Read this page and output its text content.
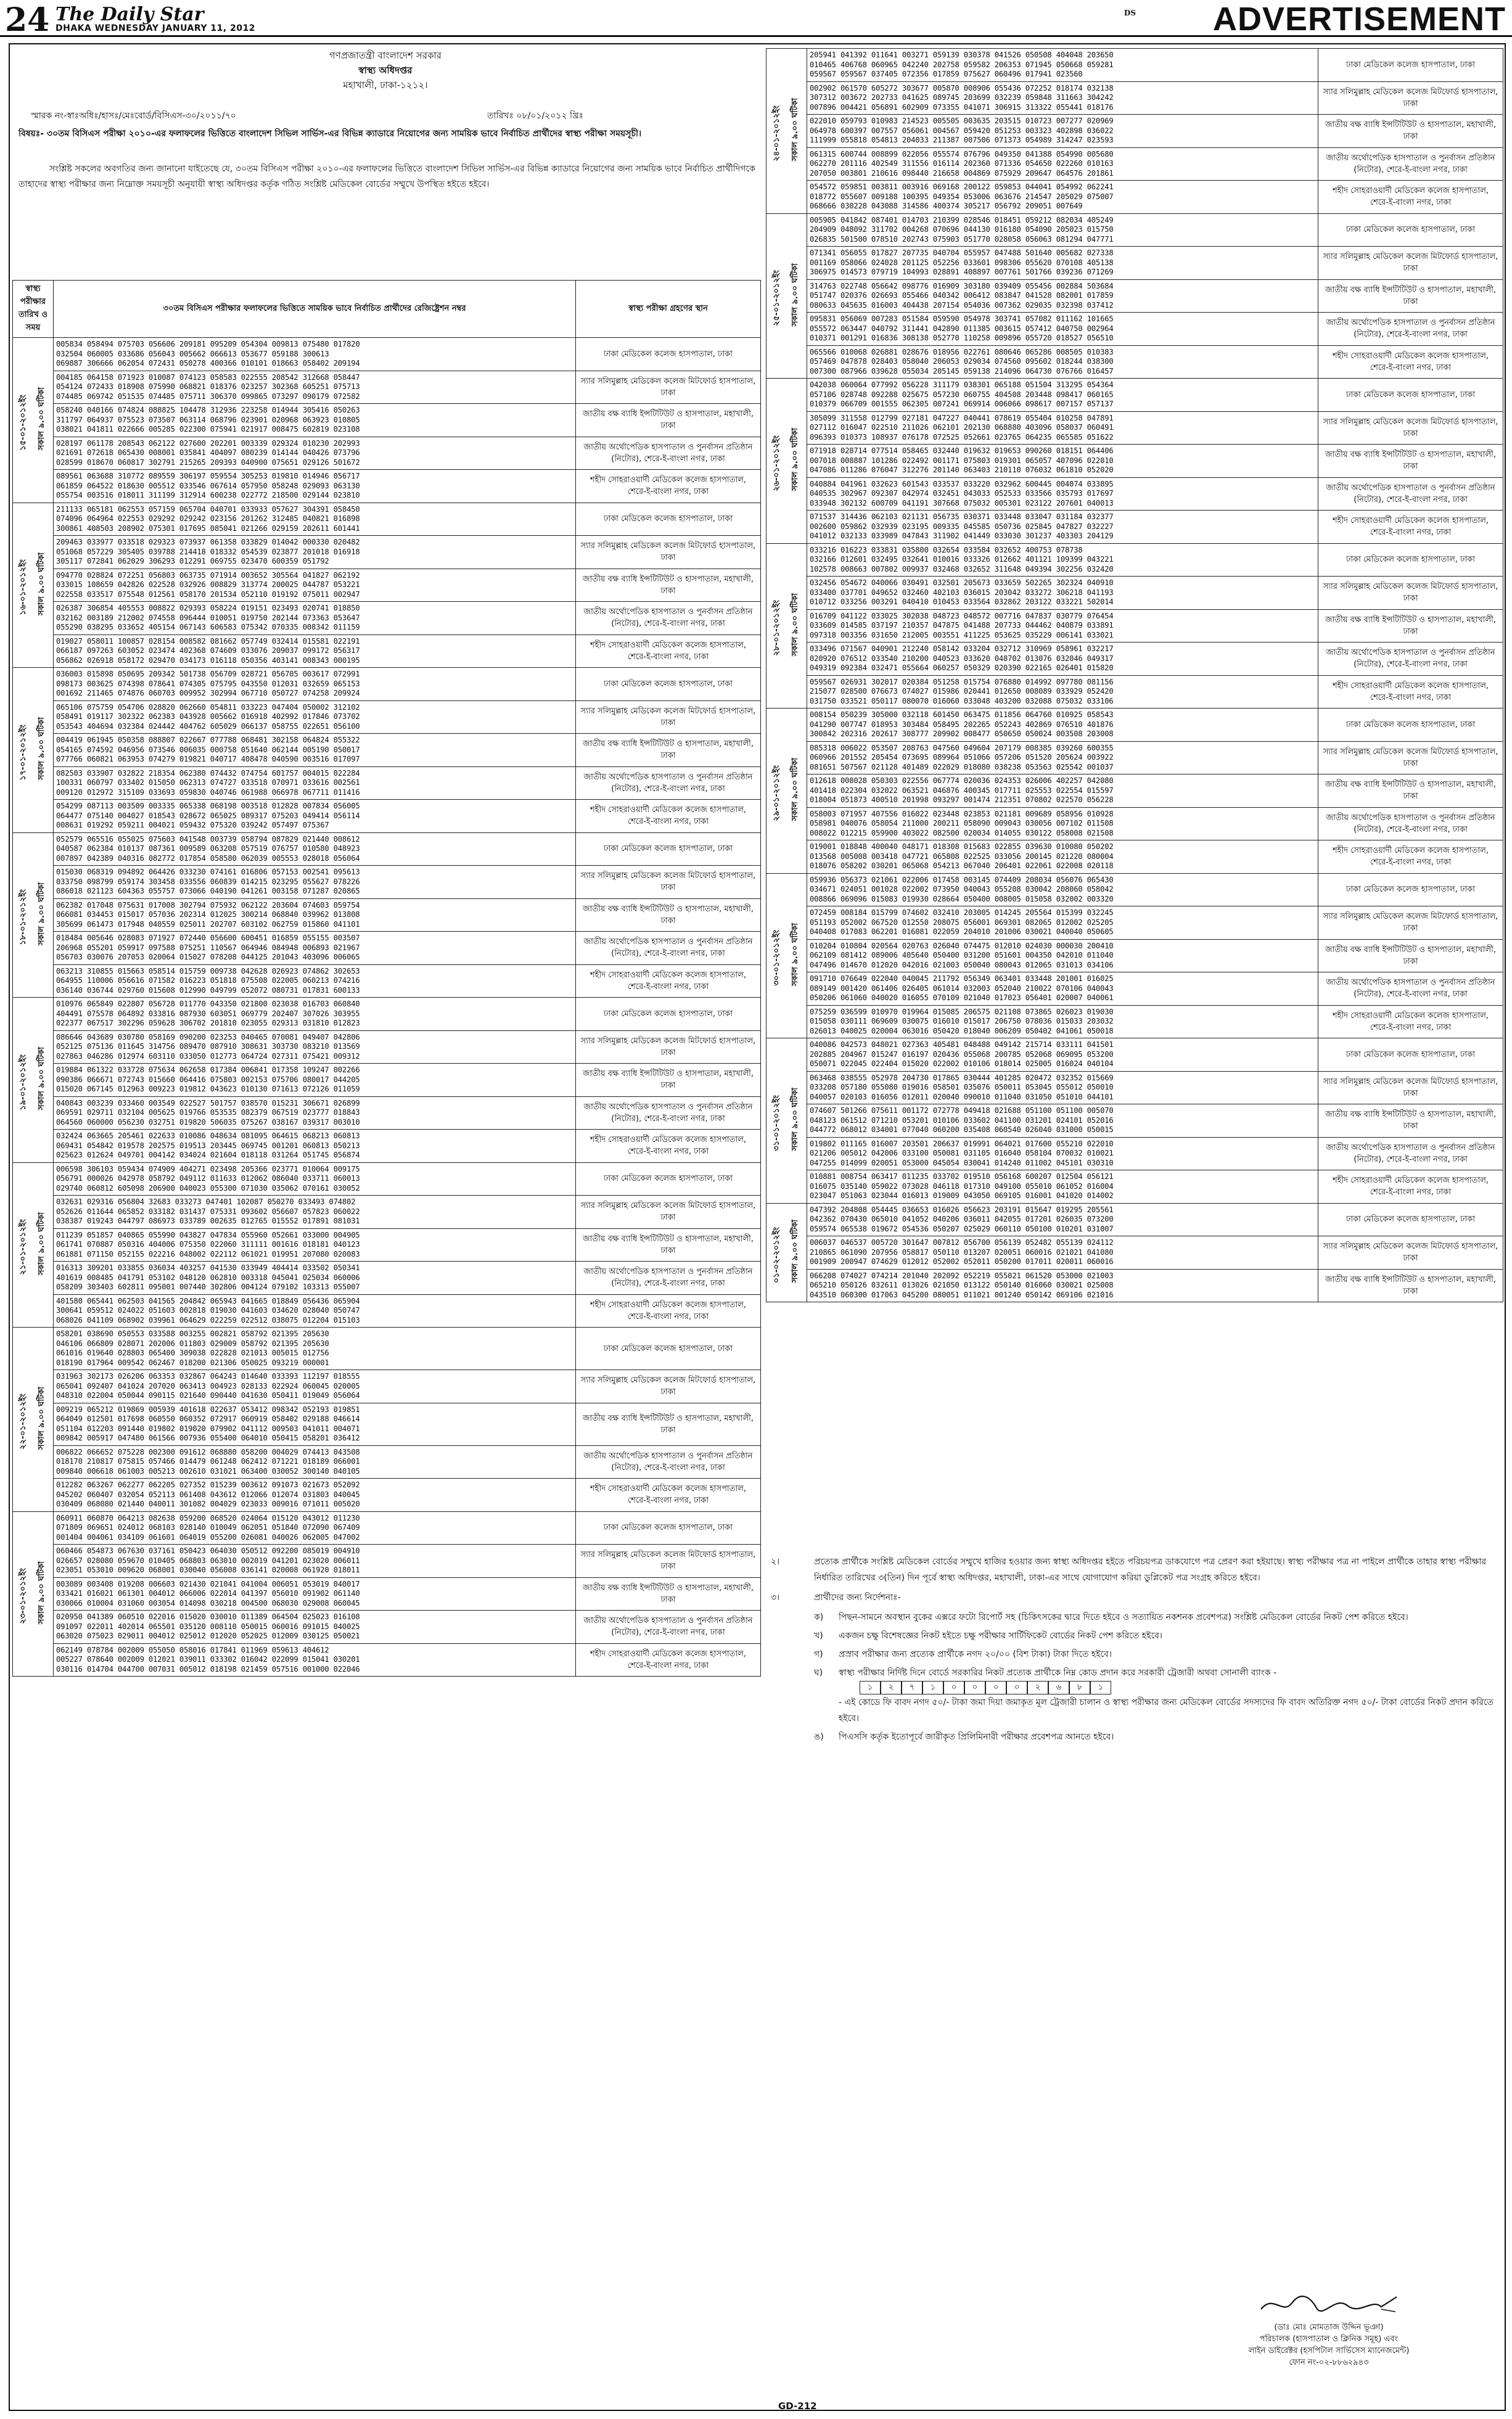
24 The Daily Star
DHAKA WEDNESDAY JANUARY 11, 2012
DS ADVERTISEMENT
গণপ্রজাতন্ত্রী বাংলাদেশ সরকার
স্বাস্থ্য অধিদপ্তর
মহাখালী, ঢাকা-১২১২।
স্মারক নং-স্বাঃঅধিঃ/হাসঃ/মেঃবোর্ড/বিসিএস-৩০/২০১১/৭০	তারিখঃ ০৮/০১/২০১২ খ্রিঃ
বিষয়ঃ- ৩০তম বিসিএস পরীক্ষা ২০১০-এর ফলাফলের ভিত্তিতে বাংলাদেশ সিভিল সার্ভিস-এর বিভিন্ন ক্যাডারে নিয়োগের জন্য সাময়িক ভাবে নির্বাচিত প্রার্থীদের স্বাস্থ্য পরীক্ষা সময়সূচী।
সংশ্লিষ্ট সকলের অবগতির জন্য জানানো যাইতেছে যে, ৩০তম বিসিএস পরীক্ষা ২০১০-এর ফলাফলের ভিত্তিতে বাংলাদেশ সিভিল সার্ভিস-এর বিভিন্ন ক্যাডারে নিয়োগের জন্য সাময়িক ভাবে নির্বাচিত প্রার্থীদিগকে তাহাদের স্বাস্থ্য পরীক্ষার জন্য নিম্নোক্ত সময়সূচী অনুযায়ী স্বাস্থ্য অধিদপ্তর কর্তৃক গঠিত সংশ্লিষ্ট মেডিকেল বোর্ডের সম্মুখে উপস্থিত হইতে হইবে।
স্বাস্থ্য পরীক্ষার তারিখ ও সময়	৩০তম বিসিএস পরীক্ষার ফলাফলের ভিত্তিতে সাময়িক ভাবে নির্বাচিত প্রার্থীদের রেজিষ্ট্রেশন নম্বর	স্বাস্থ্য পরীক্ষা গ্রহণের স্থান
১৫-০১-২০১২ইং সকাল ৯.০০ ঘটিকা	005834 058494 075703 056606 209181 095209 054304 009813 075480 017820
032504 060005 033686 056043 005662 066613 053677 059188 300613
069887 306666 062054 072431 050278 400366 010101 018663 058402 209194	ঢাকা মেডিকেল কলেজ হাসপাতাল, ঢাকা
	004185 064158 071923 010087 074123 058583 022555 208542 312668 058447
054124 072433 018908 075990 068821 018376 023257 302368 605251 075713
074485 069742 051535 074485 075711 306370 099865 073297 090179 072582	স্যার সলিমুল্লাহ মেডিকেল কলেজ মিটফোর্ড হাসপাতাল, ঢাকা
	058240 040166 074824 088825 104478 312936 223258 014944 305416 050263
311797 064937 075523 073507 063114 068796 023901 020968 063923 010805
038021 041811 022666 005285 022300 075941 021917 008475 602819 023108	জাতীয় বক্ষ ব্যাধি ইন্সটিটিউট ও হাসপাতাল, মহাখালী, ঢাকা
	028197 061178 208543 062122 027600 202201 003339 029324 010230 202993
021691 072618 065430 008001 035841 404097 080239 014144 040426 073796
028599 018670 060817 302791 215265 209393 040900 075651 029126 501672	জাতীয় অর্থোপেডিক হাসপাতাল ও পুনর্বাসন প্রতিষ্ঠান (নিটোর), শেরে-ই-বাংলা নগর, ঢাকা
	089561 063688 310772 089559 306197 059554 305253 019810 014946 056717
061859 064522 018630 005512 033546 067614 057950 058248 029093 063130
055754 003516 018011 311199 312914 600238 022772 218500 029144 023810	শহীদ সোহরাওয়ার্দী মেডিকেল কলেজ হাসপাতাল, শেরে-ই-বাংলা নগর, ঢাকা
১৬-০১-২০১২ইং সকাল ৯.০০ ঘটিকা	211133 065181 062553 057159 065704 040701 033933 057627 304391 058450
074096 064964 022553 029292 029242 023156 201262 312485 040821 016898
300861 408503 208902 075301 017695 085041 021266 029159 202611 601441	ঢাকা মেডিকেল কলেজ হাসপাতাল, ঢাকা
	209463 033977 033518 029323 073937 061358 033829 014042 000330 020482
051068 057229 305405 039788 214418 018332 054539 023877 201018 016918
305117 072841 062029 306293 012291 069755 023470 600359 051792	স্যার সলিমুল্লাহ মেডিকেল কলেজ মিটফোর্ড হাসপাতাল, ঢাকা
	094770 028824 072251 056803 063735 071914 003652 305564 041827 062192
033015 108659 042826 022528 032926 008829 313774 200025 044787 053221
022558 033517 075548 012561 058170 201534 052110 019192 075011 002947	জাতীয় বক্ষ ব্যাধি ইন্সটিটিউট ও হাসপাতাল, মহাখালী, ঢাকা
	026387 306854 405553 008822 029393 058224 019151 023493 020741 018850
032162 003189 212002 074558 096444 010051 019750 202144 073363 053647
055290 038295 033652 405154 067143 606583 075342 070335 008342 011159	জাতীয় অর্থোপেডিক হাসপাতাল ও পুনর্বাসন প্রতিষ্ঠান (নিটোর), শেরে-ই-বাংলা নগর, ঢাকা
	019027 058011 100857 028154 008582 081662 057749 032414 015581 022191
066187 097263 603052 023474 402368 074609 033076 209037 099172 056317
056862 026918 058172 029470 034173 016118 050356 403141 008343 000195	শহীদ সোহরাওয়ার্দী মেডিকেল কলেজ হাসপাতাল, শেরে-ই-বাংলা নগর, ঢাকা
১৭-০১-২০১২ইং সকাল ৯.০০ ঘটিকা	036003 015898 050695 209342 501738 056709 028721 056705 003617 072991
098173 003625 074398 078641 074305 075795 043550 012031 032659 065153
001692 211465 074876 060703 009952 302994 067710 050727 074258 209924	ঢাকা মেডিকেল কলেজ হাসপাতাল, ঢাকা
	065106 075759 054706 028820 062660 054811 033223 047404 050002 312102
058491 019117 302322 062383 043928 005662 016918 402992 017846 073702
053543 404694 032384 024442 404762 605029 066137 058755 022651 056100	স্যার সলিমুল্লাহ মেডিকেল কলেজ মিটফোর্ড হাসপাতাল, ঢাকা
	004419 061945 050358 088807 022667 077788 068481 302158 064824 055322
054165 074592 046956 073546 006035 000758 051640 062144 005190 050017
077766 060821 063953 074279 019821 040717 408478 040590 003516 017097	জাতীয় বক্ষ ব্যাধি ইন্সটিটিউট ও হাসপাতাল, মহাখালী, ঢাকা
	082503 033907 032822 218354 062380 074432 074754 601757 004015 022284
100331 060797 033402 015050 062313 074727 033518 070971 033616 002561
009120 012972 315109 033693 059830 040746 061988 066978 067711 011416	জাতীয় অর্থোপেডিক হাসপাতাল ও পুনর্বাসন প্রতিষ্ঠান (নিটোর), শেরে-ই-বাংলা নগর, ঢাকা
	054299 087113 003509 003335 065338 068198 003518 012828 007834 056005
064477 075140 004027 018543 028672 065025 089317 075203 049414 056114
008631 019292 059211 004021 059432 075320 039242 057497 075367	শহীদ সোহরাওয়ার্দী মেডিকেল কলেজ হাসপাতাল, শেরে-ই-বাংলা নগর, ঢাকা
১৮-০১-২০১২ইং সকাল ৯.০০ ঘটিকা	052579 065516 055025 075603 041548 003739 058794 087829 021440 008612
040587 062384 010137 087361 009589 063208 057519 076757 010580 048923
007897 042389 040316 082772 017854 058580 062039 005553 028018 056064	ঢাকা মেডিকেল কলেজ হাসপাতাল, ঢাকা
	015030 068319 094892 064426 033230 074161 016806 057153 002541 095613
033750 098799 059174 303458 033556 060839 014215 023295 055627 078226
086018 021123 604363 055757 073066 040190 041261 003158 071287 020865	স্যার সলিমুল্লাহ মেডিকেল কলেজ মিটফোর্ড হাসপাতাল, ঢাকা
	062382 017048 075631 017008 302794 075932 062122 203604 074603 059754
066081 034453 015017 057036 202314 012025 300214 068840 039962 013808
305699 061473 017948 040559 025011 202707 603102 062759 015860 041101	জাতীয় বক্ষ ব্যাধি ইন্সটিটিউট ও হাসপাতাল, মহাখালী, ঢাকা
	018484 005646 028083 071927 072440 056600 600451 016859 055155 003507
206968 055201 059917 097588 075251 110567 064946 084948 006893 021967
056703 030076 207053 020064 015027 078208 044125 201043 403096 006065	জাতীয় অর্থোপেডিক হাসপাতাল ও পুনর্বাসন প্রতিষ্ঠান (নিটোর), শেরে-ই-বাংলা নগর, ঢাকা
	063213 310855 015663 058514 015759 009738 042628 026923 074862 302653
064955 110006 056616 071582 016223 051818 075508 022005 060213 074216
036140 036744 029760 015608 012990 049799 052072 080731 017831 600133	শহীদ সোহরাওয়ার্দী মেডিকেল কলেজ হাসপাতাল, শেরে-ই-বাংলা নগর, ঢাকা
১৯-০১-২০১২ইং সকাল ৯.০০ ঘটিকা	010976 065849 022807 056728 011770 043350 021800 023038 016703 060840
404491 075578 064892 033816 087930 603051 069779 202407 307026 303955
022377 067517 302296 059628 306702 201810 023055 029313 031810 012823	ঢাকা মেডিকেল কলেজ হাসপাতাল, ঢাকা
	086646 043689 030780 058169 090200 023253 040465 070081 049407 042806
052125 075136 011645 314756 089470 087910 308631 303730 083210 013569
027863 046286 012974 603110 033050 012773 064724 027311 075421 009312	স্যার সলিমুল্লাহ মেডিকেল কলেজ মিটফোর্ড হাসপাতাল, ঢাকা
	019884 061322 033728 075634 062658 017384 006841 017358 109247 002266
090386 066671 072743 015660 064416 075803 002153 075706 080017 044205
015020 067145 012963 009223 019812 043623 010130 071613 072126 011059	জাতীয় বক্ষ ব্যাধি ইন্সটিটিউট ও হাসপাতাল, মহাখালী, ঢাকা
	040843 003239 033460 003549 022527 501757 038570 015231 306671 026899
069591 029711 032104 005625 019766 053535 082379 067519 023777 018843
064560 060000 056230 032751 019820 506035 075267 038167 039317 003010	জাতীয় অর্থোপেডিক হাসপাতাল ও পুনর্বাসন প্রতিষ্ঠান (নিটোর), শেরে-ই-বাংলা নগর, ঢাকা
	032424 063665 205461 022633 010086 048634 081095 064615 068213 060813
069431 054842 019578 202575 019513 203445 069745 001201 060813 050213
025623 012624 049701 004142 034024 021604 018118 031264 051745 056874	শহীদ সোহরাওয়ার্দী মেডিকেল কলেজ হাসপাতাল, শেরে-ই-বাংলা নগর, ঢাকা
২১-০১-২০১২ইং সকাল ৯.০০ ঘটিকা	006598 306103 059434 074909 404271 023498 205366 023771 010064 009175
056791 000026 042978 058792 049112 011633 012062 086040 033711 060013
029740 060812 605098 206900 040023 055300 071030 035062 070161 030052	ঢাকা মেডিকেল কলেজ হাসপাতাল, ঢাকা
	032631 029316 056804 32683 033273 047401 102087 050270 033493 074802
052626 011644 065852 033182 031437 075331 093602 056607 057823 060022
038387 019243 044797 086973 033789 002635 012765 015552 017891 081031	স্যার সলিমুল্লাহ মেডিকেল কলেজ মিটফোর্ড হাসপাতাল, ঢাকা
	011239 051857 040865 055990 043827 047834 055960 052661 033000 004905
061741 070887 050316 404006 075350 022060 311111 001616 018181 040123
061881 071150 052155 022216 048002 022112 061021 019951 207080 020083	জাতীয় বক্ষ ব্যাধি ইন্সটিটিউট ও হাসপাতাল, মহাখালী, ঢাকা
	016313 309201 033855 036034 403257 041530 033949 404414 033502 050341
401619 008485 041791 053102 048120 062810 003318 045041 025034 060006
058209 303403 602811 095001 007440 302806 004124 079102 103313 055007	জাতীয় অর্থোপেডিক হাসপাতাল ও পুনর্বাসন প্রতিষ্ঠান (নিটোর), শেরে-ই-বাংলা নগর, ঢাকা
	401580 065441 062503 041565 204842 065943 041665 018849 056436 065904
300641 059512 024022 051603 002818 019030 041603 034620 028040 050747
068026 041109 068902 039961 064629 022259 022512 038075 012204 015103	শহীদ সোহরাওয়ার্দী মেডিকেল কলেজ হাসপাতাল, শেরে-ই-বাংলা নগর, ঢাকা
২২-০১-২০১২ইং সকাল ৯.০০ ঘটিকা	058201 038690 050553 033588 003255 002821 058792 021395 205630
046106 066809 028071 202006 011803 029009 058792 021395 205630
061016 019640 028803 065400 309038 022828 021013 005015 012756
018190 017964 009542 062467 018200 021306 050025 093219 000001	ঢাকা মেডিকেল কলেজ হাসপাতাল, ঢাকা
	031963 302173 026206 063353 032867 064243 014640 033393 112197 018555
065041 092407 041024 207020 063413 004923 028133 022924 060045 020005
048310 022004 050044 090115 021640 090440 041630 050411 019049 056064	স্যার সলিমুল্লাহ মেডিকেল কলেজ মিটফোর্ড হাসপাতাল, ঢাকা
	009219 065212 019869 005939 401618 022637 053412 098342 052193 019851
064049 012501 017698 060550 060352 072917 060919 058402 029188 046614
051104 012203 091440 019802 019020 079902 041112 009503 041011 004071
009842 005917 047480 061566 007936 055400 064010 050415 058201 036412	জাতীয় বক্ষ ব্যাধি ইন্সটিটিউট ও হাসপাতাল, মহাখালী, ঢাকা
	006822 066652 075228 002300 091612 068880 058200 004029 074413 043508
018170 210817 075815 057466 014479 061248 062412 071221 018189 066001
009840 006618 061003 005213 002610 031021 063400 030052 300140 040105	জাতীয় অর্থোপেডিক হাসপাতাল ও পুনর্বাসন প্রতিষ্ঠান (নিটোর), শেরে-ই-বাংলা নগর, ঢাকা
	012282 063267 062277 062205 027352 015239 003612 091073 021673 052092
045202 060407 032054 052113 061408 043612 012066 012074 031803 040045
030409 068080 021440 040011 301082 004029 023033 009016 071011 005020	শহীদ সোহরাওয়ার্দী মেডিকেল কলেজ হাসপাতাল, শেরে-ই-বাংলা নগর, ঢাকা
২৩-০১-২০১২ইং সকাল ৯.০০ ঘটিকা	060911 060870 064213 082638 059200 068520 024064 015120 043012 011230
071809 069651 024012 068103 028140 010049 062051 051840 072090 067409
001404 004061 034109 061601 064019 055200 026081 040026 062005 047002	ঢাকা মেডিকেল কলেজ হাসপাতাল, ঢাকা
	060466 054873 067630 037161 050423 064030 050512 092200 085019 004910
026657 028080 059670 010405 068803 063010 002019 041201 023020 006011
023051 053010 009620 068001 030040 056008 036141 020008 061920 018011	স্যার সলিমুল্লাহ মেডিকেল কলেজ মিটফোর্ড হাসপাতাল, ঢাকা
	003089 003408 019208 006603 021430 021041 041004 006051 053019 040017
033421 016021 061301 004012 066006 022014 041397 056010 091902 061140
030066 010004 031060 003054 014098 030218 004500 068030 029008 060045	জাতীয় বক্ষ ব্যাধি ইন্সটিটিউট ও হাসপাতাল, মহাখালী, ঢাকা
	020950 041389 060510 022016 015020 030010 011389 064504 025023 016108
091097 022011 402014 065501 035120 008110 050015 060016 091015 040025
063020 075023 029011 004012 025012 012020 052025 012009 030125 050021	জাতীয় অর্থোপেডিক হাসপাতাল ও পুনর্বাসন প্রতিষ্ঠান (নিটোর), শেরে-ই-বাংলা নগর, ঢাকা
	062149 078784 002009 055050 058016 017841 011969 059613 404612
005227 078640 002009 012021 039011 033302 016042 022099 015041 030201
030116 014704 044700 007031 005012 018198 021459 057516 001000 022046	শহীদ সোহরাওয়ার্দী মেডিকেল কলেজ হাসপাতাল, শেরে-ই-বাংলা নগর, ঢাকা
২৪-০১-২০১২ইং সকাল ৯.০০ ঘটিকা	205941 041392 011641 003271 059139 030378 041526 050508 404048 203650
010465 406768 060965 042240 202758 059582 206353 071945 050668 059281
059567 059567 037405 072356 017859 075627 060496 017941 023560	ঢাকা মেডিকেল কলেজ হাসপাতাল, ঢাকা
	002902 061570 605272 303677 005870 008906 055436 072252 018174 032138
307312 003672 202733 041625 089745 203699 032239 059848 311663 304242
007896 004421 056891 602909 073355 041071 306915 313322 055441 018176	স্যার সলিমুল্লাহ মেডিকেল কলেজ মিটফোর্ড হাসপাতাল, ঢাকা
	022010 059793 010983 214523 005505 003635 203515 010723 007277 020969
064978 600397 007557 056061 004567 059420 051253 003323 402898 036022
111999 055818 054813 204033 211387 007506 071373 054989 314247 023593	জাতীয় বক্ষ ব্যাধি ইন্সটিটিউট ও হাসপাতাল, মহাখালী, ঢাকা
	061315 600744 008899 022056 055574 076796 049350 041388 054990 005680
062270 201116 402549 311556 016114 202360 071336 054650 022260 010163
207050 003801 210616 098440 216658 004869 075929 209647 064576 201861	জাতীয় অর্থোপেডিক হাসপাতাল ও পুনর্বাসন প্রতিষ্ঠান (নিটোর), শেরে-ই-বাংলা নগর, ঢাকা
	054572 059851 003811 003916 069168 200122 059853 044041 054992 062241
018772 055607 009188 100395 049354 053006 063676 214547 205029 075007
068666 030228 043088 314586 400374 305217 056792 209051 007649	শহীদ সোহরাওয়ার্দী মেডিকেল কলেজ হাসপাতাল, শেরে-ই-বাংলা নগর, ঢাকা
২৫-০১-২০১২ইং সকাল ৯.০০ ঘটিকা	005905 041842 087401 014703 210399 028546 018451 059212 082034 405249
204909 048092 311702 004268 070696 044130 016180 054090 205023 015750
026835 501500 078510 202743 075903 051770 028058 056063 081294 047771	ঢাকা মেডিকেল কলেজ হাসপাতাল, ঢাকা
	071341 056055 017827 207735 040704 055957 047488 501640 005682 027338
001169 058066 024028 201125 052256 033601 098306 055620 070108 405138
306975 014573 079719 104993 028891 408897 007761 501766 039236 071269	স্যার সলিমুল্লাহ মেডিকেল কলেজ মিটফোর্ড হাসপাতাল, ঢাকা
	314763 022748 056642 098776 016909 303180 039409 055456 002884 503684
051747 020376 026693 055466 040342 006412 083847 041528 082001 017859
080633 045635 016003 404438 207154 054036 007362 029035 032398 037412	জাতীয় বক্ষ ব্যাধি ইন্সটিটিউট ও হাসপাতাল, মহাখালী, ঢাকা
	095831 056069 007283 051584 059590 054978 303741 057082 011162 101665
055572 063447 040792 311441 042890 011385 003615 057412 040750 002964
010371 001291 016836 308138 052770 110258 009896 055720 018527 056510	জাতীয় অর্থোপেডিক হাসপাতাল ও পুনর্বাসন প্রতিষ্ঠান (নিটোর), শেরে-ই-বাংলা নগর, ঢাকা
	065566 010068 026881 028676 018956 022761 080646 065286 008505 010383
057469 047878 028403 058040 206053 029034 074560 095602 018244 038300
007300 087966 039628 055034 205145 059138 214096 064730 076766 016457	শহীদ সোহরাওয়ার্দী মেডিকেল কলেজ হাসপাতাল, শেরে-ই-বাংলা নগর, ঢাকা
২৬-০১-২০১২ইং সকাল ৯.০০ ঘটিকা	042038 060064 077992 056228 311179 038301 065188 051504 313295 054364
057106 028748 092288 025675 057230 060755 404508 203448 098417 060165
010379 066709 001555 062305 007241 069914 006066 098617 007157 057137	ঢাকা মেডিকেল কলেজ হাসপাতাল, ঢাকা
	305099 311558 012799 027181 047227 040441 078619 055404 010258 047891
027112 016047 022510 211026 062101 202130 068880 403096 058037 060491
096393 010373 108937 076178 072525 052661 023765 064235 065585 051622	স্যার সলিমুল্লাহ মেডিকেল কলেজ মিটফোর্ড হাসপাতাল, ঢাকা
	071918 028714 077514 058465 032440 019632 019653 090260 018151 064406
007018 008887 101286 022492 001171 075803 019301 065057 407096 022010
047086 011286 076047 312276 201140 063403 210110 076032 061810 052020	জাতীয় বক্ষ ব্যাধি ইন্সটিটিউট ও হাসপাতাল, মহাখালী, ঢাকা
	040884 041961 032623 601543 033537 033220 032962 600445 004074 033895
040535 302967 092307 042974 032451 043033 052533 033566 035793 017697
033948 302132 600709 041191 307668 075032 005301 023122 207601 040013	জাতীয় অর্থোপেডিক হাসপাতাল ও পুনর্বাসন প্রতিষ্ঠান (নিটোর), শেরে-ই-বাংলা নগর, ঢাকা
	071537 314436 062103 021131 056735 030371 033448 033047 031184 032377
002600 059862 032939 023195 009335 045585 050736 025845 047827 032227
041012 032133 033989 047843 311902 041449 033030 301237 403303 204129	শহীদ সোহরাওয়ার্দী মেডিকেল কলেজ হাসপাতাল, শেরে-ই-বাংলা নগর, ঢাকা
২৮-০১-২০১২ইং সকাল ৯.০০ ঘটিকা	033216 016223 033831 035800 032654 033584 032652 400753 078738
032166 012601 032495 032641 010016 033326 012662 401121 109399 043221
102578 008663 007802 009937 032468 032652 311648 049394 302256 032420	ঢাকা মেডিকেল কলেজ হাসপাতাল, ঢাকা
	032456 054672 040066 030491 032501 205673 033659 502265 302324 040910
033400 037701 049652 032460 402103 036015 203042 033272 306218 041193
010712 033256 003291 040410 010453 033564 032862 203122 033221 502014	স্যার সলিমুল্লাহ মেডিকেল কলেজ মিটফোর্ড হাসপাতাল, ঢাকা
	016709 041122 033025 302038 048723 048572 007716 047837 030779 076454
033609 014585 037197 210357 047875 041488 207733 044462 040879 033891
097318 003356 031650 212005 003551 411225 053625 035229 006141 033021	জাতীয় বক্ষ ব্যাধি ইন্সটিটিউট ও হাসপাতাল, মহাখালী, ঢাকা
	033496 071567 040901 212240 058142 033204 032712 310969 058961 032217
020920 076512 033540 210200 040523 033620 048702 013076 032046 049317
049319 092384 032471 055664 060257 050329 020390 022165 026401 015820	জাতীয় অর্থোপেডিক হাসপাতাল ও পুনর্বাসন প্রতিষ্ঠান (নিটোর), শেরে-ই-বাংলা নগর, ঢাকা
	059567 026931 302017 020384 051258 015754 076880 014992 097780 081156
215077 028500 076673 074027 015986 020441 012650 008089 033929 052420
031750 033521 050117 080070 016060 033048 403200 032088 075032 033106	শহীদ সোহরাওয়ার্দী মেডিকেল কলেজ হাসপাতাল, শেরে-ই-বাংলা নগর, ঢাকা
২৯-০১-২০১২ইং সকাল ৯.০০ ঘটিকা	008154 050239 305000 032118 601450 063475 011856 064760 010925 058543
041290 007747 018953 303484 058495 202265 052243 402869 076510 401876
300842 202316 202617 308777 209902 008477 050650 050024 003508 203008	ঢাকা মেডিকেল কলেজ হাসপাতাল, ঢাকা
	085318 006022 053507 208763 047560 049604 207179 008385 039260 600355
060966 201552 205454 073695 089964 051066 057206 051520 205624 003922
081651 507567 021128 401489 022029 018080 038238 053563 025542 001037	স্যার সলিমুল্লাহ মেডিকেল কলেজ মিটফোর্ড হাসপাতাল, ঢাকা
	012618 008028 050303 022556 067774 020036 024353 026006 402257 042080
401418 022304 032022 063521 046876 400345 017711 025553 022554 015597
018004 051873 400510 201998 093297 001474 212351 070802 022570 056228	জাতীয় বক্ষ ব্যাধি ইন্সটিটিউট ও হাসপাতাল, মহাখালী, ঢাকা
	058003 071957 407556 016022 023448 023853 021181 009689 058956 010928
058981 040076 058054 211000 200211 058090 009043 030056 007102 011508
008022 012215 059900 403022 082500 020034 014055 030122 058008 021508	জাতীয় অর্থোপেডিক হাসপাতাল ও পুনর্বাসন প্রতিষ্ঠান (নিটোর), শেরে-ই-বাংলা নগর, ঢাকা
	019001 018848 400040 048171 018308 015683 022855 039630 010080 050202
013568 005008 003418 047721 065808 022525 033056 200145 021220 080004
018076 058202 030201 065068 054213 067040 206401 022061 022008 020118	শহীদ সোহরাওয়ার্দী মেডিকেল কলেজ হাসপাতাল, শেরে-ই-বাংলা নগর, ঢাকা
৩০-০১-২০১২ইং সকাল ৯.০০ ঘটিকা	059936 056373 021061 022006 017458 003145 074409 208034 056076 065430
034671 024051 001028 022002 073950 040043 055208 030042 208060 058042
008866 069096 015083 019930 028664 050400 008005 015058 032002 003320	ঢাকা মেডিকেল কলেজ হাসপাতাল, ঢাকা
	072459 008184 015799 074602 032410 203005 014245 205564 015399 032245
051193 052002 067520 012550 208075 056001 069301 082065 012002 025205
040408 017083 062201 016081 022059 204010 201006 030021 040040 050605	স্যার সলিমুল্লাহ মেডিকেল কলেজ মিটফোর্ড হাসপাতাল, ঢাকা
	010204 010804 020564 020763 026040 074475 012010 024030 000030 200410
062109 081412 089006 405640 050400 031200 051601 004350 042010 011040
047496 014670 012020 042016 021003 050040 080043 012065 031013 034106	জাতীয় বক্ষ ব্যাধি ইন্সটিটিউট ও হাসপাতাল, মহাখালী, ঢাকা
	091710 076649 022040 040045 211792 056349 063401 033448 201001 016025
089149 001420 061406 026405 061014 032003 052040 210022 070106 040043
050206 061060 040020 016055 070109 021040 017023 056401 020007 040061	জাতীয় অর্থোপেডিক হাসপাতাল ও পুনর্বাসন প্রতিষ্ঠান (নিটোর), শেরে-ই-বাংলা নগর, ঢাকা
	075259 036599 010970 019964 015085 206575 021108 073865 026023 019030
015058 030111 069609 030075 016010 015017 206750 078036 015033 203032
026013 040025 020004 063016 050420 018040 006209 050402 041061 050018	শহীদ সোহরাওয়ার্দী মেডিকেল কলেজ হাসপাতাল, শেরে-ই-বাংলা নগর, ঢাকা
৩১-০১-২০১২ইং সকাল ৯.০০ ঘটিকা	040086 042573 048021 027363 405481 048488 049142 215714 033111 041501
202885 204967 015247 016197 020436 055068 200785 052068 069095 053200
050071 022045 022404 015020 022002 010106 018014 025005 016024 040104	ঢাকা মেডিকেল কলেজ হাসপাতাল, ঢাকা
	063468 038555 052978 204730 017865 030444 401285 020472 032352 015669
033208 057180 055080 019016 058501 035076 050011 053045 055012 050010
040057 020103 016056 012011 020040 090010 011040 031050 051010 044101	স্যার সলিমুল্লাহ মেডিকেল কলেজ মিটফোর্ড হাসপাতাল, ঢাকা
	074607 501266 075611 001172 072778 049418 021688 051100 051100 005070
048123 061512 071210 053201 010106 033602 041100 031201 024101 052016
044772 068012 034001 077040 060200 035408 060540 026040 031000 050015	জাতীয় বক্ষ ব্যাধি ইন্সটিটিউট ও হাসপাতাল, মহাখালী, ঢাকা
	019802 011165 016007 203501 206637 019991 064021 017600 055210 022010
021206 005012 042006 033100 050081 031105 016040 058104 070032 010021
047255 014099 020051 053000 045054 030041 014240 011002 045101 030310	জাতীয় অর্থোপেডিক হাসপাতাল ও পুনর্বাসন প্রতিষ্ঠান (নিটোর), শেরে-ই-বাংলা নগর, ঢাকা
	010881 008754 063417 011235 033702 019510 056168 600207 012504 056121
016075 035140 059022 073028 046118 017310 049100 055010 061052 016004
023047 051063 023044 016013 019009 043050 069105 016001 041020 014002	শহীদ সোহরাওয়ার্দী মেডিকেল কলেজ হাসপাতাল, শেরে-ই-বাংলা নগর, ঢাকা
০১-০২-২০১২ইং সকাল ৯.০০ ঘটিকা	047392 204808 054445 036653 016026 056623 203191 015647 019295 205561
042362 070430 065010 041052 040206 036011 042055 017201 026035 073200
059574 065538 019672 054536 050207 025029 060110 050100 010201 031007	ঢাকা মেডিকেল কলেজ হাসপাতাল, ঢাকা
	006037 046537 005720 301647 007812 056700 056139 052482 055139 024112
210865 061090 207956 058817 050110 013207 020051 060016 021021 041080
001909 200947 074629 012012 052002 052011 050200 017011 020011 060016	স্যার সলিমুল্লাহ মেডিকেল কলেজ মিটফোর্ড হাসপাতাল, ঢাকা
	066208 074027 074214 201040 202092 052219 055021 061520 053000 021003
065210 050126 032611 013026 021050 013122 050140 016060 030021 025008
043510 060300 017063 045200 080051 011021 001240 050142 069106 021016	জাতীয় বক্ষ ব্যাধি ইন্সটিটিউট ও হাসপাতাল, মহাখালী, ঢাকা
২।	প্রত্যেক প্রার্থীকে সংশ্লিষ্ট মেডিকেল বোর্ডের সম্মুখে হাজির হওয়ার জন্য স্বাস্থ্য অধিদপ্তর হইতে পরিচয়পত্র ডাকযোগে পত্র প্রেরণ করা হইয়াছে। স্বাস্থ্য পরীক্ষার পত্র না পাইলে প্রার্থীকে তাহার স্বাস্থ্য পরীক্ষার নির্ধারিত তারিখের ৩(তিন) দিন পূর্বে স্বাস্থ্য অধিদপ্তর, মহাখালী, ঢাকা-এর সাথে যোগাযোগ করিয়া ডুপ্লিকেট পত্র সংগ্রহ করিতে হইবে।
৩।	প্রার্থীদের জন্য নির্দেশনাঃ-
ক) পিছন-সামনে অবস্থান বুকের এক্সরে ফটো রিপোর্ট সহ (চিকিৎসকের দ্বারে দিতে হইবে ও সত্যায়িত নকশনক প্রবেশপত্র) সংশ্লিষ্ট মেডিকেল বোর্ডের নিকট পেশ করিতে হইবে।
খ) একজন চক্ষু বিশেষজ্ঞের নিকট হইতে চক্ষু পরীক্ষার সার্টিফিকেট বোর্ডের নিকট পেশ করিতে হইবে।
গ) প্রস্রাব পরীক্ষার জন্য প্রত্যেক প্রার্থীকে নগদ ২০/০০ (বিশ টাকা) টাকা দিতে হইবে।
ঘ) স্বাস্থ্য পরীক্ষার নির্দিষ্ট দিনে বোর্ডে সরকারির নিকট প্রত্যেক প্রার্থীকে নিম্ন কোড প্রদান করে সরকারী ট্রেজারী অথবা সোনালী ব্যাংক -
১	২	৭	১	০	০	০	০	২	৬	৮	১
- এই কোডে ফি বাবদ নগদ ৫০/- টাকা জমা দিয়া জমাকৃত মূল ট্রেজারী চালান ও স্বাস্থ্য পরীক্ষার জন্য মেডিকেল বোর্ডের সদস্যদের ফি বাবদ অতিরিক্ত নগদ ৫০/- টাকা বোর্ডের নিকট প্রদান করিতে হইবে।
ঙ) পিএসসি কর্তৃক ইতোপূর্বে জারীকৃত প্রিলিমিনারী পরীক্ষার প্রবেশপত্র আনতে হইবে।
(ডাঃ মোঃ মোমতাজ উদ্দিন ভূঞা)
পরিচালক (হাসপাতাল ও ক্লিনিক সমূহ) এবং
লাইন ডাইরেক্টর (হসপিটাল সার্ভিসেস ম্যানেজমেন্ট)
ফোন নং-০২-৮৮৬২৯৪৩
GD-212
